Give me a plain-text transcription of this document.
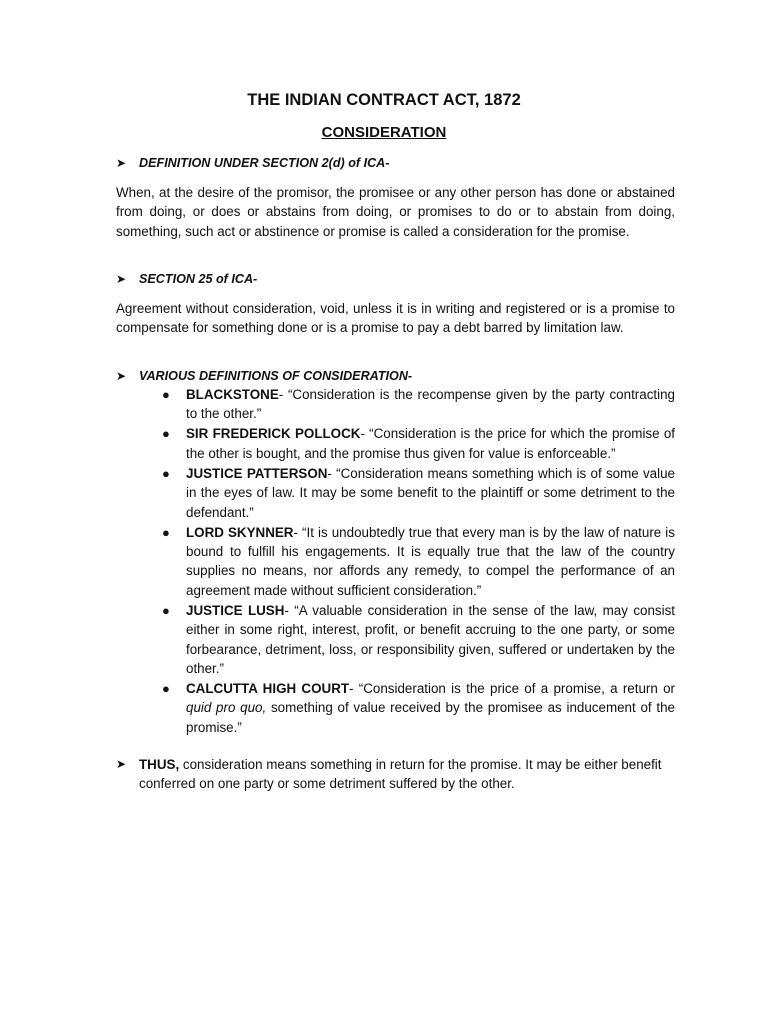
THE INDIAN CONTRACT ACT, 1872
CONSIDERATION
➤ DEFINITION UNDER SECTION 2(d) of ICA-
When, at the desire of the promisor, the promisee or any other person has done or abstained from doing, or does or abstains from doing, or promises to do or to abstain from doing, something, such act or abstinence or promise is called a consideration for the promise.
➤ SECTION 25 of ICA-
Agreement without consideration, void, unless it is in writing and registered or is a promise to compensate for something done or is a promise to pay a debt barred by limitation law.
➤ VARIOUS DEFINITIONS OF CONSIDERATION-
● BLACKSTONE- “Consideration is the recompense given by the party contracting to the other.”
● SIR FREDERICK POLLOCK- “Consideration is the price for which the promise of the other is bought, and the promise thus given for value is enforceable.”
● JUSTICE PATTERSON- “Consideration means something which is of some value in the eyes of law. It may be some benefit to the plaintiff or some detriment to the defendant.”
● LORD SKYNNER- “It is undoubtedly true that every man is by the law of nature is bound to fulfill his engagements. It is equally true that the law of the country supplies no means, nor affords any remedy, to compel the performance of an agreement made without sufficient consideration.”
● JUSTICE LUSH- “A valuable consideration in the sense of the law, may consist either in some right, interest, profit, or benefit accruing to the one party, or some forbearance, detriment, loss, or responsibility given, suffered or undertaken by the other.”
● CALCUTTA HIGH COURT- “Consideration is the price of a promise, a return or quid pro quo, something of value received by the promisee as inducement of the promise.”
➤ THUS, consideration means something in return for the promise. It may be either benefit conferred on one party or some detriment suffered by the other.
